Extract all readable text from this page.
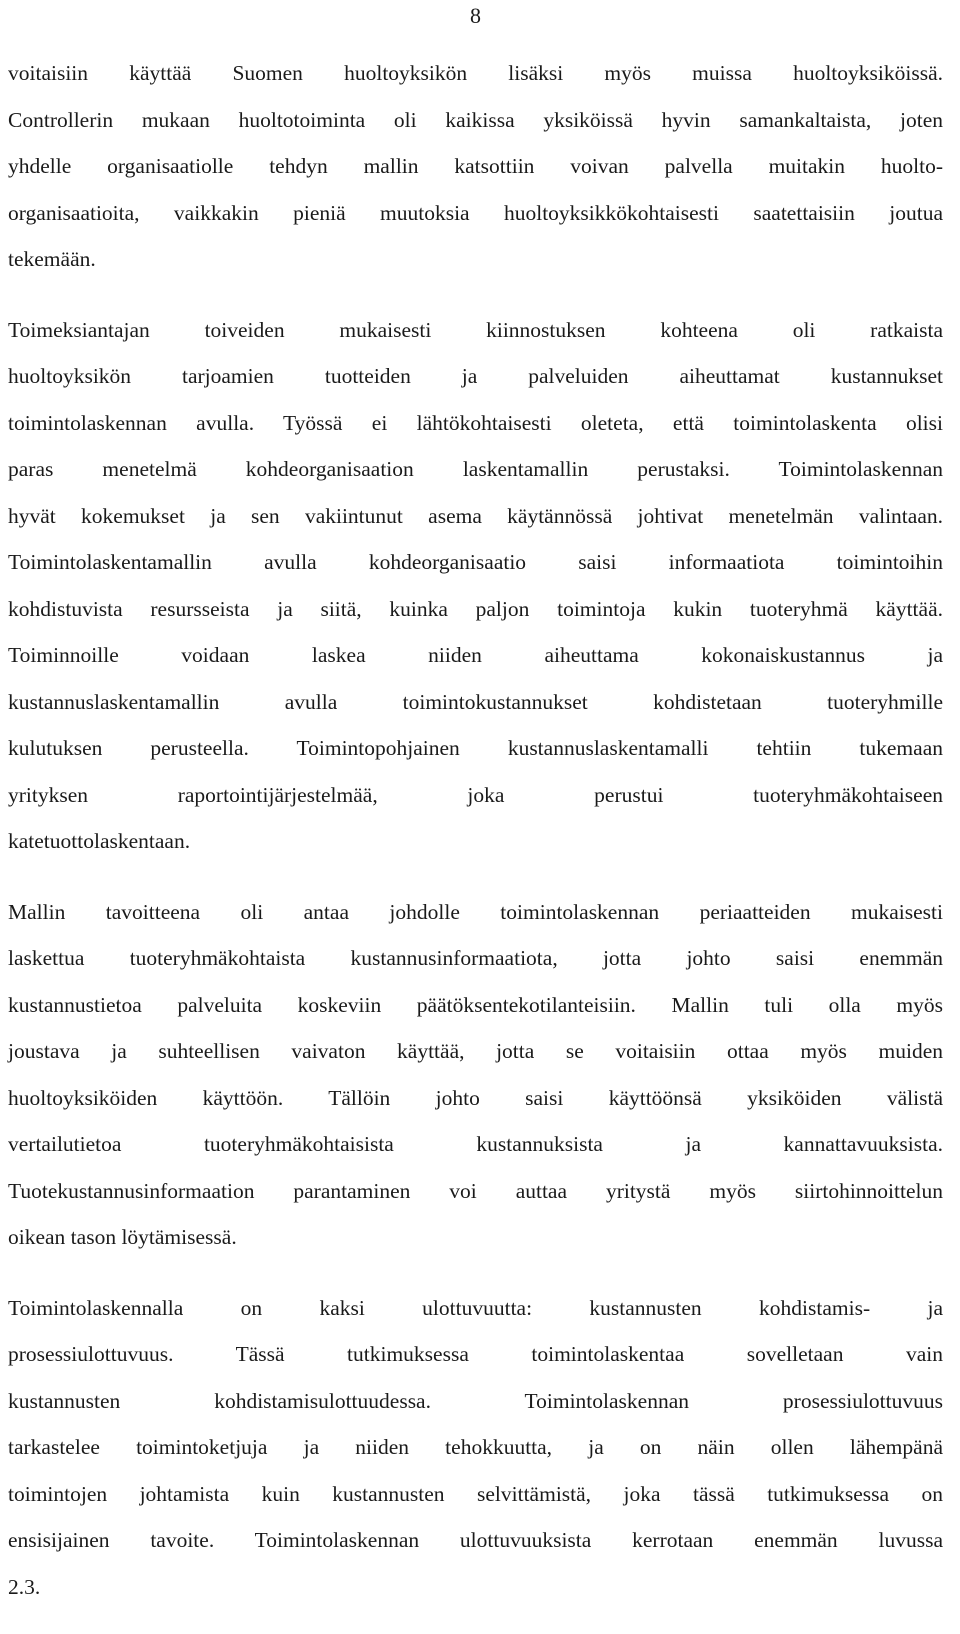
8
voitaisiin käyttää Suomen huoltoyksikön lisäksi myös muissa huoltoyksiköissä.
Controllerin mukaan huoltotoiminta oli kaikissa yksiköissä hyvin samankaltaista, joten
yhdelle organisaatiolle tehdyn mallin katsottiin voivan palvella muitakin huolto-
organisaatioita, vaikkakin pieniä muutoksia huoltoyksikkökohtaisesti saatettaisiin joutua
tekemään.
Toimeksiantajan toiveiden mukaisesti kiinnostuksen kohteena oli ratkaista
huoltoyksikön tarjoamien tuotteiden ja palveluiden aiheuttamat kustannukset
toimintolaskennan avulla. Työssä ei lähtökohtaisesti oleteta, että toimintolaskenta olisi
paras menetelmä kohdeorganisaation laskentamallin perustaksi. Toimintolaskennan
hyvät kokemukset ja sen vakiintunut asema käytännössä johtivat menetelmän valintaan.
Toimintolaskentamallin avulla kohdeorganisaatio saisi informaatiota toimintoihin
kohdistuvista resursseista ja siitä, kuinka paljon toimintoja kukin tuoteryhmä käyttää.
Toiminnoille voidaan laskea niiden aiheuttama kokonaiskustannus ja
kustannuslaskentamallin avulla toimintokustannukset kohdistetaan tuoteryhmille
kulutuksen perusteella. Toimintopohjainen kustannuslaskentamalli tehtiin tukemaan
yrityksen raportointijärjestelmää, joka perustui tuoteryhmäkohtaiseen
katetuottolaskentaan.
Mallin tavoitteena oli antaa johdolle toimintolaskennan periaatteiden mukaisesti
laskettua tuoteryhmäkohtaista kustannusinformaatiota, jotta johto saisi enemmän
kustannustietoa palveluita koskeviin päätöksentekotilanteisiin. Mallin tuli olla myös
joustava ja suhteellisen vaivaton käyttää, jotta se voitaisiin ottaa myös muiden
huoltoyksiköiden käyttöön. Tällöin johto saisi käyttöönsä yksiköiden välistä
vertailutietoa tuoteryhmäkohtaisista kustannuksista ja kannattavuuksista.
Tuotekustannusinformaation parantaminen voi auttaa yritystä myös siirtohinnoittelun
oikean tason löytämisessä.
Toimintolaskennalla on kaksi ulottuvuutta: kustannusten kohdistamis- ja
prosessiulottuvuus. Tässä tutkimuksessa toimintolaskentaa sovelletaan vain
kustannusten kohdistamisulottuudessa. Toimintolaskennan prosessiulottuvuus
tarkastelee toimintoketjuja ja niiden tehokkuutta, ja on näin ollen lähempänä
toimintojen johtamista kuin kustannusten selvittämistä, joka tässä tutkimuksessa on
ensisijainen tavoite. Toimintolaskennan ulottuvuuksista kerrotaan enemmän luvussa
2.3.
